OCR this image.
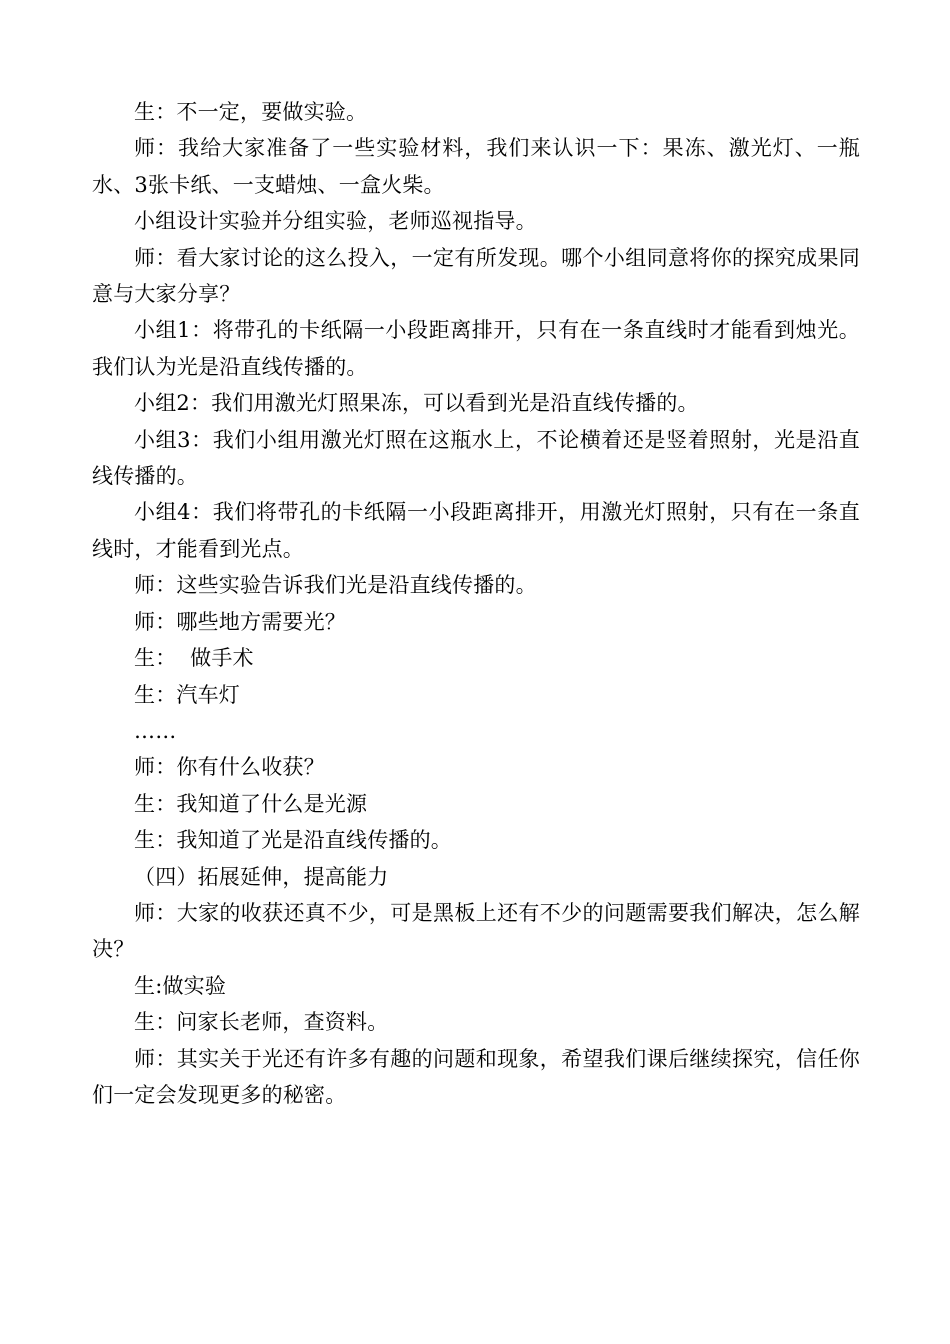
生：不一定，要做实验。

师：我给大家准备了一些实验材料，我们来认识一下：果冻、激光灯、一瓶水、3张卡纸、一支蜡烛、一盒火柴。

小组设计实验并分组实验，老师巡视指导。

师：看大家讨论的这么投入，一定有所发现。哪个小组同意将你的探究成果同意与大家分享？

小组1：将带孔的卡纸隔一小段距离排开，只有在一条直线时才能看到烛光。我们认为光是沿直线传播的。

小组2：我们用激光灯照果冻，可以看到光是沿直线传播的。

小组3：我们小组用激光灯照在这瓶水上，不论横着还是竖着照射，光是沿直线传播的。

小组4：我们将带孔的卡纸隔一小段距离排开，用激光灯照射，只有在一条直线时，才能看到光点。

师：这些实验告诉我们光是沿直线传播的。

师：哪些地方需要光？

生：  做手术

生：汽车灯

……

师：你有什么收获？

生：我知道了什么是光源

生：我知道了光是沿直线传播的。

（四）拓展延伸，提高能力

师：大家的收获还真不少，可是黑板上还有不少的问题需要我们解决，怎么解决？

生:做实验

生：问家长老师，查资料。

师：其实关于光还有许多有趣的问题和现象，希望我们课后继续探究，信任你们一定会发现更多的秘密。
